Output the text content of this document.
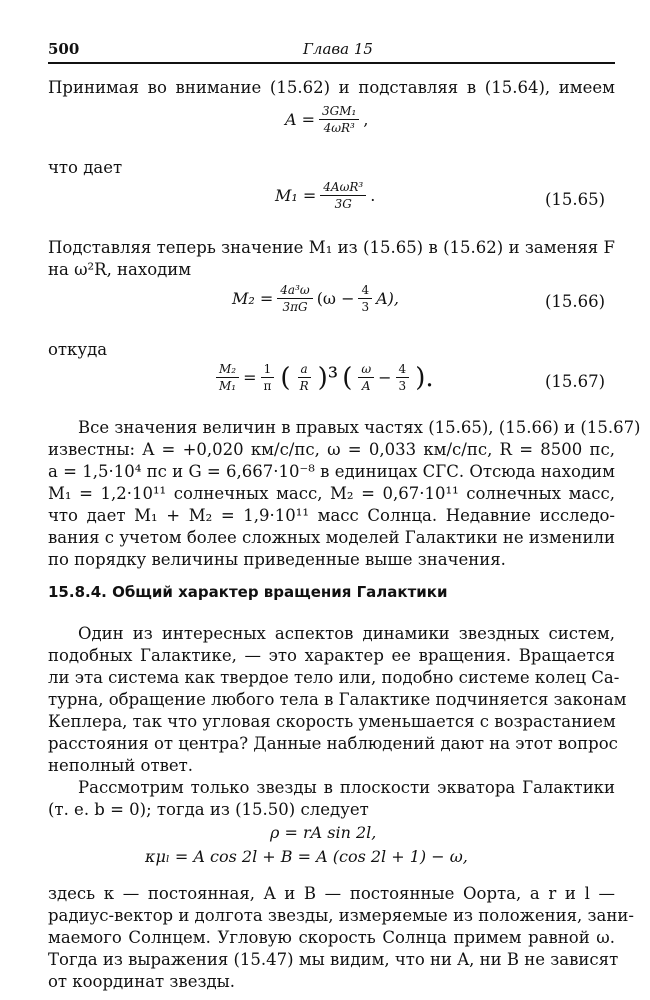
500	Глава 15
Принимая во внимание (15.62) и подставляя в (15.64), имеем
$A = \frac{\text{3GM₁}}{\text{4ωR³}}$ ,
что дает
$M_1 = \frac{\text{4AωR³}}{3G}$ .	(15.65)
Подставляя теперь значение M₁ из (15.65) в (15.62) и заменяя F
на ω²R, находим
$M_2 = \frac{\text{4a³ω}}{3\pi G} (\omega - \frac{4}{3} A)$,	(15.66)
откуда
$\frac{\text{M₂}}{\text{M₁}} = \frac{1}{\pi}$ ( $\frac{a}{R} )^3$ ( $\frac{\omega}{A} - \frac{4}{3}$ ).	(15.67)
Все значения величин в правых частях (15.65), (15.66) и (15.67)
известны: A = +0,020 км/с/пс, ω = 0,033 км/с/пс, R = 8500 пс,
a = 1,5·10⁴ пс и G = 6,667·10⁻⁸ в единицах СГС. Отсюда находим
M₁ = 1,2·10¹¹ солнечных масс, M₂ = 0,67·10¹¹ солнечных масс,
что дает M₁ + M₂ = 1,9·10¹¹ масс Солнца. Недавние исследо-
вания с учетом более сложных моделей Галактики не изменили
по порядку величины приведенные выше значения.
15.8.4. Общий характер вращения Галактики
Один из интересных аспектов динамики звездных систем,
подобных Галактике, — это характер ее вращения. Вращается
ли эта система как твердое тело или, подобно системе колец Са-
турна, обращение любого тела в Галактике подчиняется законам
Кеплера, так что угловая скорость уменьшается с возрастанием
расстояния от центра? Данные наблюдений дают на этот вопрос
неполный ответ.
Рассмотрим только звезды в плоскости экватора Галактики
(т. е. b = 0); тогда из (15.50) следует
ρ = rA sin 2l,
κμₗ = A cos 2l + B = A (cos 2l + 1) − ω,
здесь κ — постоянная, A и B — постоянные Оорта, a r и l —
радиус-вектор и долгота звезды, измеряемые из положения, зани-
маемого Солнцем. Угловую скорость Солнца примем равной ω.
Тогда из выражения (15.47) мы видим, что ни A, ни B не зависят
от координат звезды.
